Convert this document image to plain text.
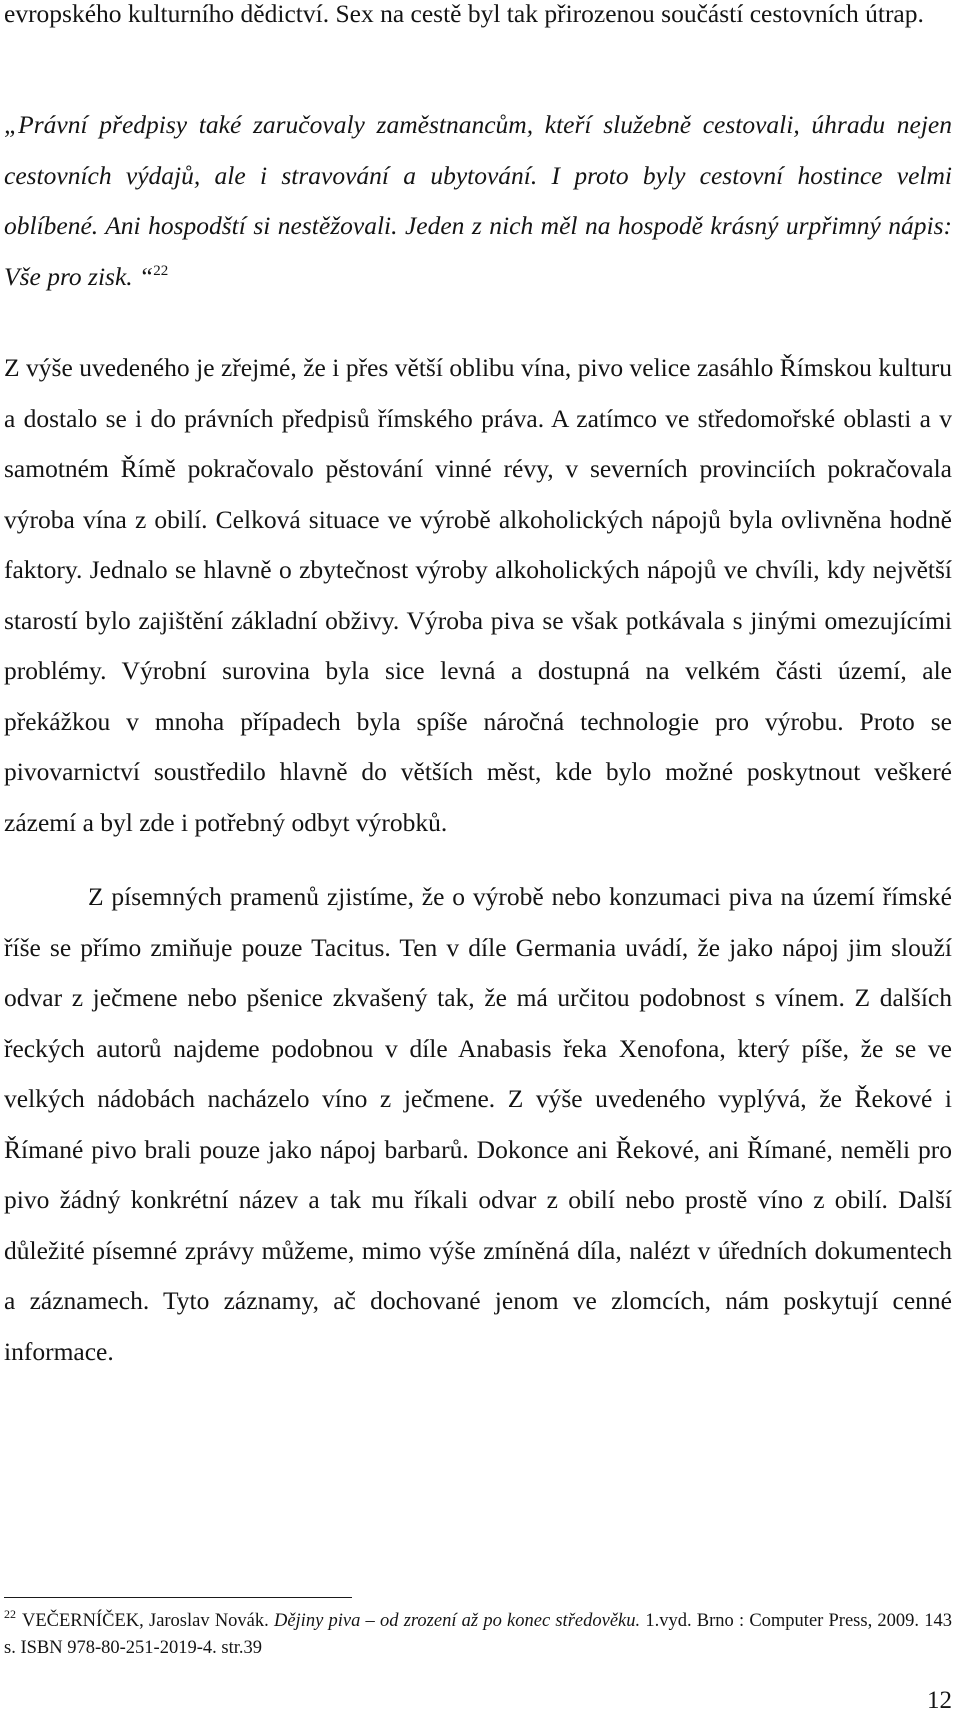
evropského kulturního dědictví. Sex na cestě byl tak přirozenou součástí cestovních útrap.

„Právní předpisy také zaručovaly zaměstnancům, kteří služebně cestovali, úhradu nejen cestovních výdajů, ale i stravování a ubytování. I proto byly cestovní hostince velmi oblíbené. Ani hospodští si nestěžovali. Jeden z nich měl na hospodě krásný urpřimný nápis: Vše pro zisk. “$^{22}$

Z výše uvedeného je zřejmé, že i přes větší oblibu vína, pivo velice zasáhlo Římskou kulturu a dostalo se i do právních předpisů římského práva. A zatímco ve středomořské oblasti a v samotném Římě pokračovalo pěstování vinné révy, v severních provinciích pokračovala výroba vína z obilí. Celková situace ve výrobě alkoholických nápojů byla ovlivněna hodně faktory. Jednalo se hlavně o zbytečnost výroby alkoholických nápojů ve chvíli, kdy největší starostí bylo zajištění základní obživy. Výroba piva se však potkávala s jinými omezujícími problémy. Výrobní surovina byla sice levná a dostupná na velkém části území, ale překážkou v mnoha případech byla spíše náročná technologie pro výrobu. Proto se pivovarnictví soustředilo hlavně do větších měst, kde bylo možné poskytnout veškeré zázemí a byl zde i potřebný odbyt výrobků.

Z písemných pramenů zjistíme, že o výrobě nebo konzumaci piva na území římské říše se přímo zmiňuje pouze Tacitus. Ten v díle Germania uvádí, že jako nápoj jim slouží odvar z ječmene nebo pšenice zkvašený tak, že má určitou podobnost s vínem. Z dalších řeckých autorů najdeme podobnou v díle Anabasis řeka Xenofona, který píše, že se ve velkých nádobách nacházelo víno z ječmene. Z výše uvedeného vyplývá, že Řekové i Římané pivo brali pouze jako nápoj barbarů. Dokonce ani Řekové, ani Římané, neměli pro pivo žádný konkrétní název a tak mu říkali odvar z obilí nebo prostě víno z obilí. Další důležité písemné zprávy můžeme, mimo výše zmíněná díla, nalézt v úředních dokumentech a záznamech. Tyto záznamy, ač dochované jenom ve zlomcích, nám poskytují cenné informace.

$^{22}$ VEČERNÍČEK, Jaroslav Novák. Dějiny piva – od zrození až po konec středověku. 1.vyd. Brno : Computer Press, 2009. 143 s. ISBN 978-80-251-2019-4. str.39

12
